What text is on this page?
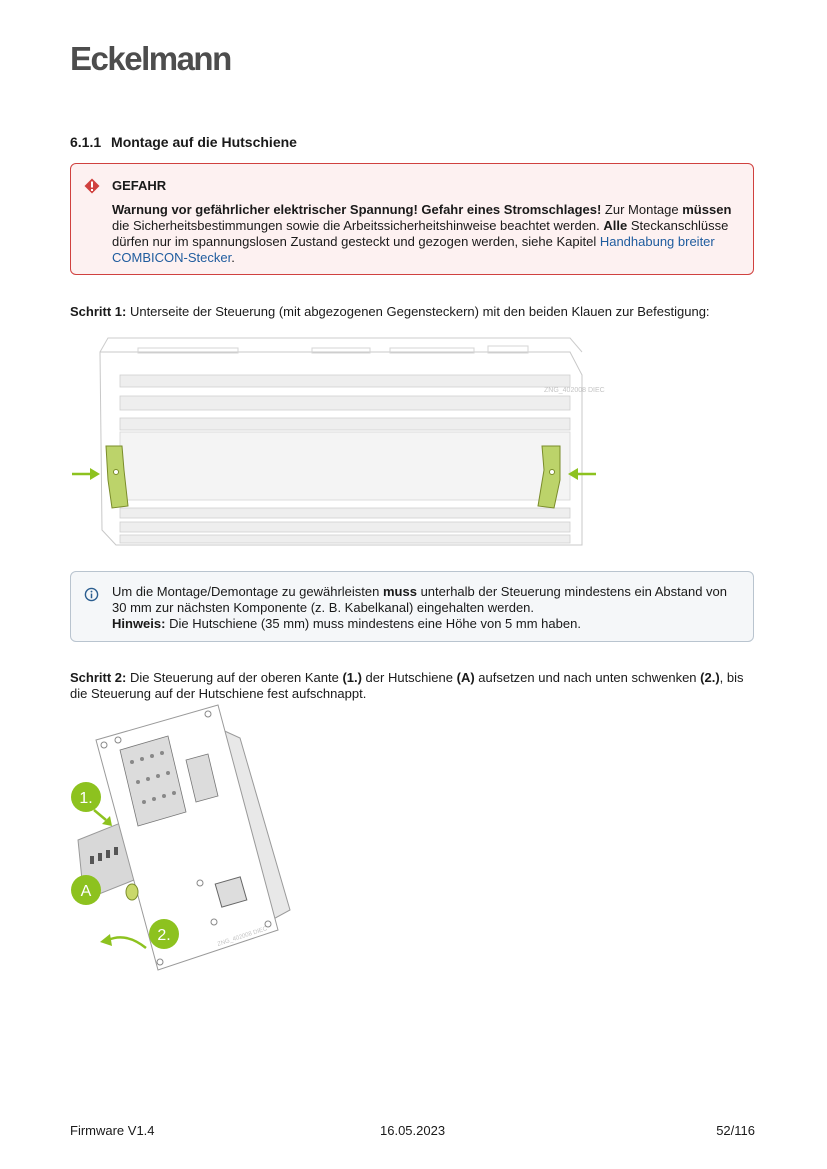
Eckelmann
6.1.1 Montage auf die Hutschiene
GEFAHR

Warnung vor gefährlicher elektrischer Spannung! Gefahr eines Stromschlages! Zur Montage müssen die Sicherheitsbestimmungen sowie die Arbeitssicherheitshinweise beachtet werden. Alle Steckanschlüsse dürfen nur im spannungslosen Zustand gesteckt und gezogen werden, siehe Kapitel Handhabung breiter COMBICON-Stecker.

Schritt 1: Unterseite der Steuerung (mit abgezogenen Gegensteckern) mit den beiden Klauen zur Befestigung:
ZNG_402008 DIEC

Um die Montage/Demontage zu gewährleisten muss unterhalb der Steuerung mindestens ein Abstand von 30 mm zur nächsten Komponente (z. B. Kabelkanal) eingehalten werden.

Hinweis: Die Hutschiene (35 mm) muss mindestens eine Höhe von 5 mm haben.

Schritt 2: Die Steuerung auf der oberen Kante (1.) der Hutschiene (A) aufsetzen und nach unten schwenken (2.), bis die Steuerung auf der Hutschiene fest aufschnappt.
ZNG_402008 DIEC
1.
A
2.
Firmware V1.4	16.05.2023	52/116
